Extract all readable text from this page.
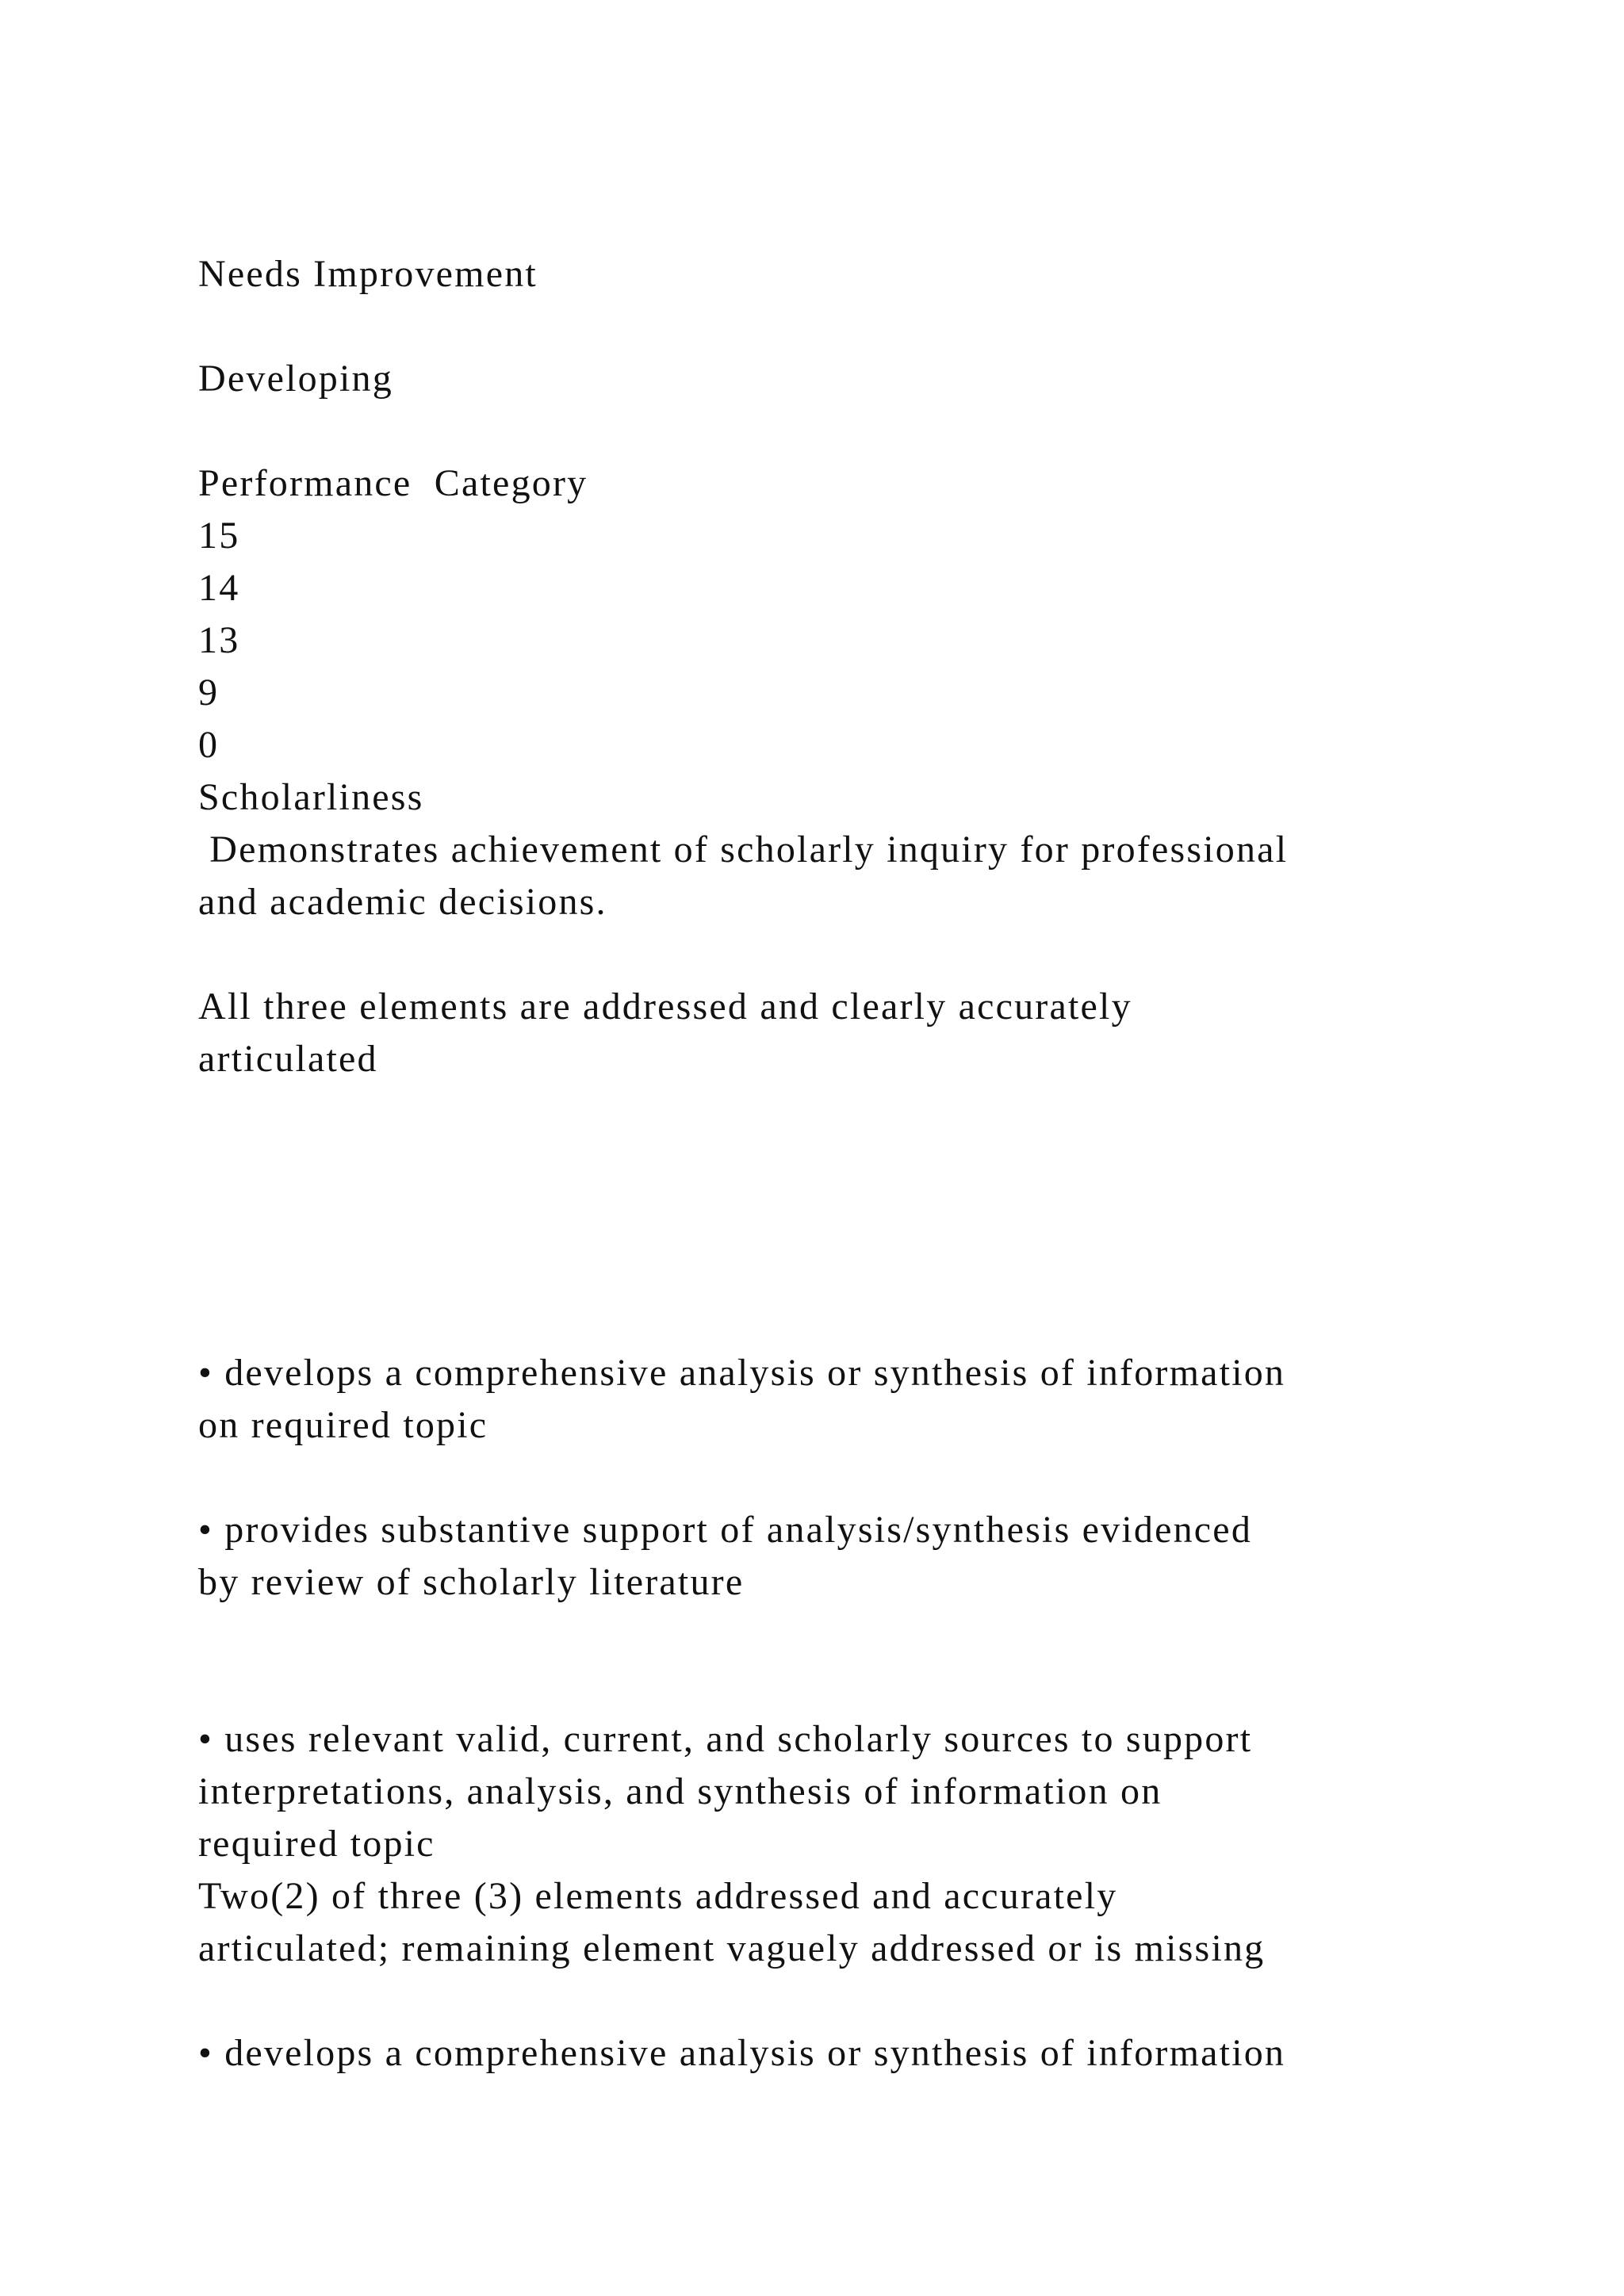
Needs Improvement

Developing

Performance  Category

15

14

13

9

0

Scholarliness

Demonstrates achievement of scholarly inquiry for professional

and academic decisions.

All three elements are addressed and clearly accurately

articulated

• develops a comprehensive analysis or synthesis of information

on required topic

• provides substantive support of analysis/synthesis evidenced

by review of scholarly literature

• uses relevant valid, current, and scholarly sources to support

interpretations, analysis, and synthesis of information on

required topic

Two(2) of three (3) elements addressed and accurately

articulated; remaining element vaguely addressed or is missing

• develops a comprehensive analysis or synthesis of information
